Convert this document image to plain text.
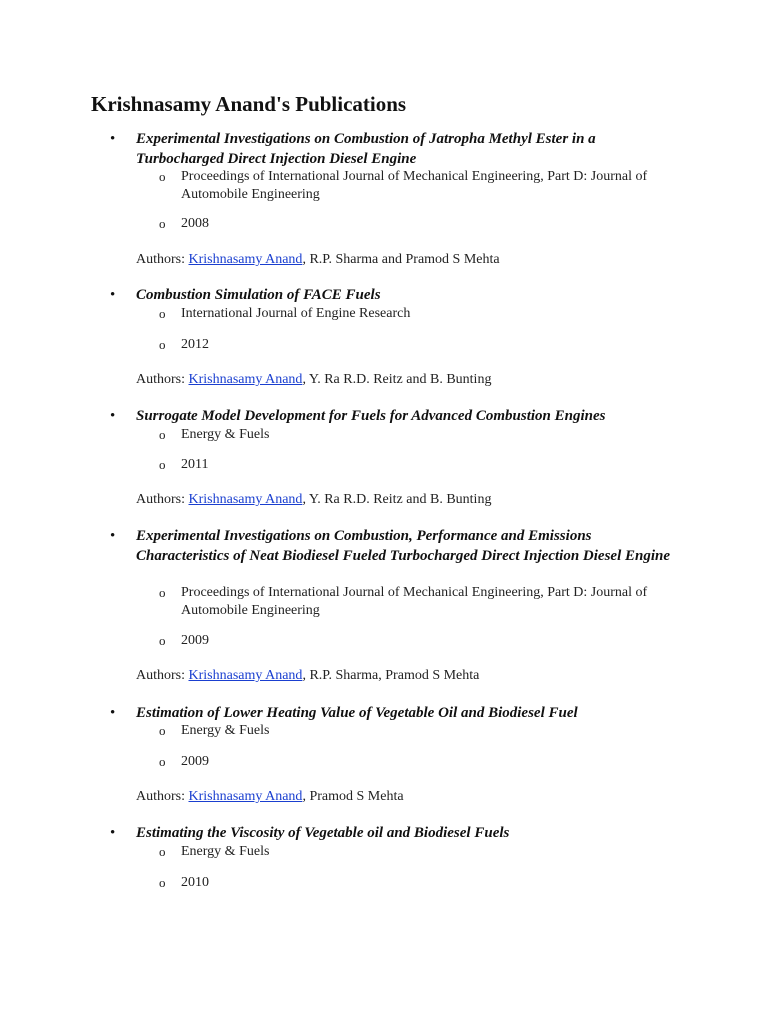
Krishnasamy Anand's Publications
• Experimental Investigations on Combustion of Jatropha Methyl Ester in a Turbocharged Direct Injection Diesel Engine
o Proceedings of International Journal of Mechanical Engineering, Part D: Journal of Automobile Engineering
o 2008
Authors: Krishnasamy Anand, R.P. Sharma and Pramod S Mehta
• Combustion Simulation of FACE Fuels
o International Journal of Engine Research
o 2012
Authors: Krishnasamy Anand, Y. Ra R.D. Reitz and B. Bunting
• Surrogate Model Development for Fuels for Advanced Combustion Engines
o Energy & Fuels
o 2011
Authors: Krishnasamy Anand, Y. Ra R.D. Reitz and B. Bunting
• Experimental Investigations on Combustion, Performance and Emissions Characteristics of Neat Biodiesel Fueled Turbocharged Direct Injection Diesel Engine
o Proceedings of International Journal of Mechanical Engineering, Part D: Journal of Automobile Engineering
o 2009
Authors: Krishnasamy Anand, R.P. Sharma, Pramod S Mehta
• Estimation of Lower Heating Value of Vegetable Oil and Biodiesel Fuel
o Energy & Fuels
o 2009
Authors: Krishnasamy Anand, Pramod S Mehta
• Estimating the Viscosity of Vegetable oil and Biodiesel Fuels
o Energy & Fuels
o 2010
